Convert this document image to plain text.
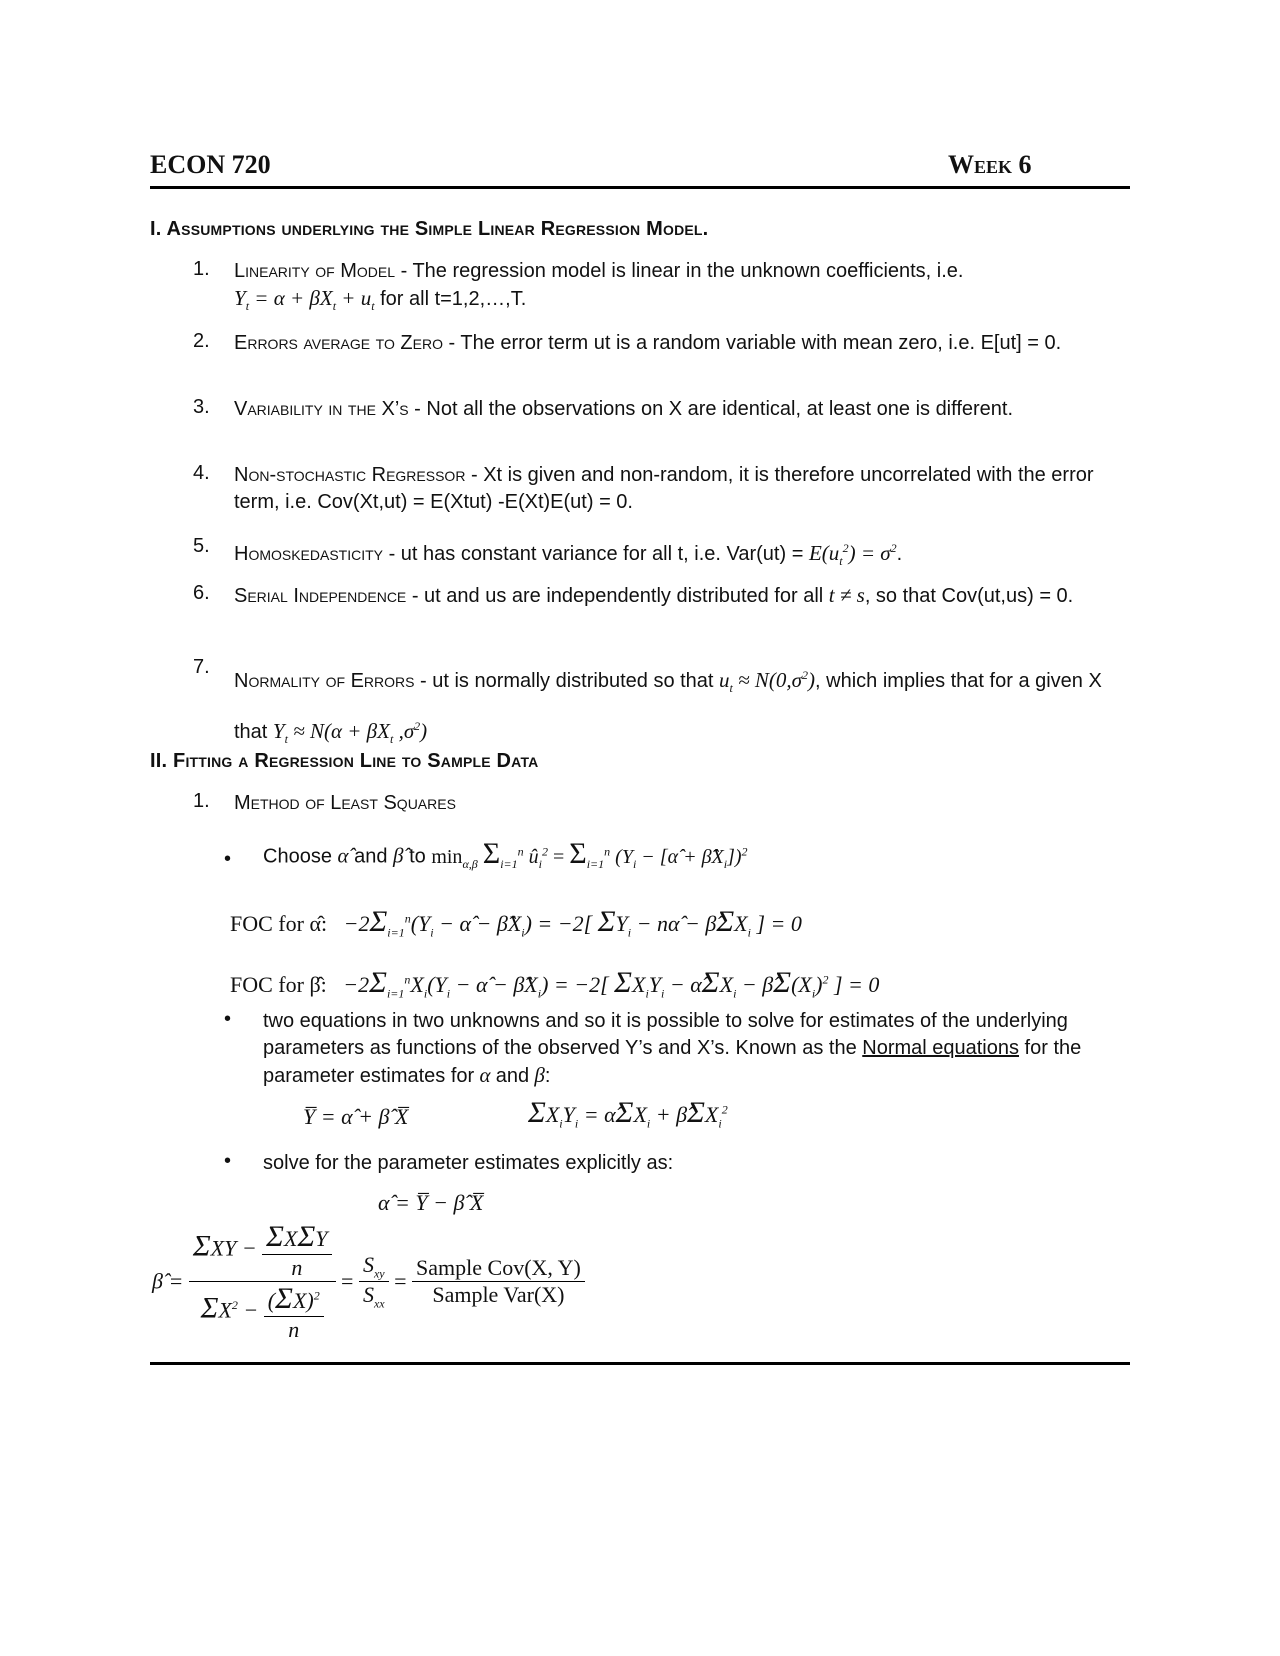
ECON 720	Week 6
I. Assumptions underlying the Simple Linear Regression Model.
1. Linearity of Model - The regression model is linear in the unknown coefficients, i.e.
$Y_t = \alpha + \beta X_t + u_t$ for all t=1,2,…,T.
2. Errors average to Zero - The error term ut is a random variable with mean zero, i.e. E[ut] = 0.
3. Variability in the X’s - Not all the observations on X are identical, at least one is different.
4. Non-stochastic Regressor - Xt is given and non-random, it is therefore uncorrelated with the error term, i.e. Cov(Xt,ut) = E(Xtut) -E(Xt)E(ut) = 0.
5. Homoskedasticity - ut has constant variance for all t, i.e. $Var(ut) = E(u_t^2) = \sigma^2$.
6. Serial Independence - ut and us are independently distributed for all t ≠ s, so that Cov(ut,us) = 0.
7.
Normality of Errors - ut is normally distributed so that $u_t \approx N(0,\sigma^2)$, which implies that for a given X that $Y_t \approx N(\alpha + \beta X_t$ $,\sigma^2$)
II. Fitting a Regression Line to Sample Data
1. Method of Least Squares
• Choose α̂ and β̂ to $\min_{\alpha,\beta} \Sigma_{i=1}^n$ $û_i^2 = \Sigma_{i=1}^n$ ($Y_i$ − [α̂ + $\betâX_i])^2$
FOC for α̂:   $-2\Sigma_{i=1}^n(Y_i$ − α̂ − $\betâX_i) = -2$[ $\Sigma Y_i$ − nα̂ − $\betâ\Sigma X_i$ ] = 0
FOC for β̂:   $-2\Sigma_{i=1}^nX_i(Y_i$ − α̂ − $\betâX_i) = -2$[ $\Sigma X_iY_i$ − $\alphâ\Sigma X_i$ − $\betâ\Sigma(X_i)^2$ ] = 0
• two equations in two unknowns and so it is possible to solve for estimates of the underlying parameters as functions of the observed Y’s and X’s. Known as the Normal equations for the parameter estimates for α and β:
Y̅ = α̂ + β̂ X̅	$\Sigma X_iY_i$ = $\alphâ\Sigma X_i$ + $\betâ\Sigma X_i^2$
• solve for the parameter estimates explicitly as:
α̂ = Y̅ − β̂ X̅
β̂ = $\frac{\Sigma XY - \frac{\text{ΣXΣY}}{n}}{\Sigma X^2 - \frac{(\Sigma X)^2}{n}} = \frac{S_{xy}}{S_{xx}} = \frac{\text{Sample Cov(X, Y)}}{\text{Sample Var(X)}}$
